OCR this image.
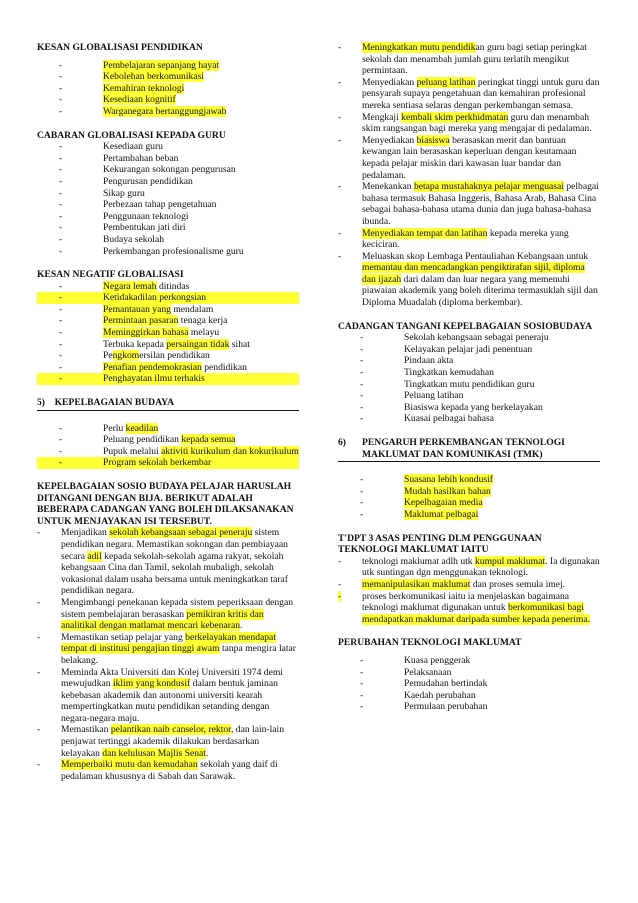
KESAN GLOBALISASI PENDIDIKAN
-	Pembelajaran sepanjang hayat
-	Kebolehan berkomunikasi
-	Kemahiran teknologi
-	Kesediaan kognitif
-	Warganegara bertanggungjawab
CABARAN GLOBALISASI KEPADA GURU
-	Kesediaan guru
-	Pertambahan beban
-	Kekurangan sokongan pengurusan
-	Pengurusan pendidikan
-	Sikap guru
-	Perbezaan tahap pengetahuan
-	Penggunaan teknologi
-	Pembentukan jati diri
-	Budaya sekolah
-	Perkembangan profesionalisme guru
KESAN NEGATIF GLOBALISASI
-	Negara lemah ditindas
-	Ketidakadilan perkongsian
-	Pemantauan yang mendalam
-	Permintaan pasaran tenaga kerja
-	Meminggirkan bahasa melayu
-	Terbuka kepada persaingan tidak sihat
-	Pengkomersilan pendidikan
-	Penafian pendemokrasian pendidikan
-	Penghayatan ilmu terhakis
5) KEPELBAGAIAN BUDAYA
-	Perlu keadilan
-	Peluang pendidikan kepada semua
-	Pupuk melalui aktiviti kurikulum dan kokurikulum
-	Program sekolah berkembar
KEPELBAGAIAN SOSIO BUDAYA PELAJAR HARUSLAH DITANGANI DENGAN BIJA. BERIKUT ADALAH BEBERAPA CADANGAN YANG BOLEH DILAKSANAKAN UNTUK MENJAYAKAN ISI TERSEBUT.
-	Menjadikan sekolah kebangsaan sebagai peneraju sistem pendidikan negara. Memastikan sokongan dan pembiayaan secara adil kepada sekolah-sekolah agama rakyat, sekolah kebangsaan Cina dan Tamil, sekolah mubaligh, sekolah vokasional dalam usaha bersama untuk meningkatkan taraf pendidikan negara.
-	Mengimbangi penekanan kepada sistem peperiksaan dengan sistem pembelajaran berasaskan pemikiran kritis dan analitikal dengan matlamat mencari kebenaran.
-	Memastikan setiap pelajar yang berkelayakan mendapat tempat di institusi pengajian tinggi awam tanpa mengira latar belakang.
-	Meminda Akta Universiti dan Kolej Universiti 1974 demi mewujudkan iklim yang kondusif dalam bentuk jaminan kebebasan akademik dan autonomi universiti kearah mempertingkatkan mutu pendidikan setanding dengan negara-negara maju.
-	Memastikan pelantikan naib canselor, rektor, dan lain-lain penjawat tertinggi akademik dilakukan berdasarkan kelayakan dan kelulusan Majlis Senat.
-	Memperbaiki mutu dan kemudahan sekolah yang daif di pedalaman khususnya di Sabah dan Sarawak.
-	Meningkatkan mutu pendidikan guru bagi setiap peringkat sekolah dan menambah jumlah guru terlatih mengikut permintaan.
-	Menyediakan peluang latihan peringkat tinggi untuk guru dan pensyarah supaya pengetahuan dan kemahiran profesional mereka sentiasa selaras dengan perkembangan semasa.
-	Mengkaji kembali skim perkhidmatan guru dan menambah skim rangsangan bagi mereka yang mengajar di pedalaman.
-	Menyediakan biasiswa berasaskan merit dan bantuan kewangan lain berasaskan keperluan dengan keutamaan kepada pelajar miskin dari kawasan luar bandar dan pedalaman.
-	Menekankan betapa mustahaknya pelajar menguasai pelbagai bahasa termasuk Bahasa Inggeris, Bahasa Arab, Bahasa Cina sebagai bahasa-bahasa utama dunia dan juga bahasa-bahasa ibunda.
-	Menyediakan tempat dan latihan kepada mereka yang keciciran.
-	Meluaskan skop Lembaga Pentauliahan Kebangsaan untuk memantau dan mencadangkan pengiktirafan sijil, diploma dan ijazah dari dalam dan luar negara yang memenuhi piawaian akademik yang boleh diterima termasuklah sijil dan Diploma Muadalah (diploma berkembar).
CADANGAN TANGANI KEPELBAGAIAN SOSIOBUDAYA
-	Sekolah kebangsaan sebagai peneraju
-	Kelayakan pelajar jadi penentuan
-	Pindaan akta
-	Tingkatkan kemudahan
-	Tingkatkan mutu pendidikan guru
-	Peluang latihan
-	Biasiswa kepada yang berkelayakan
-	Kuasai pelbagai bahasa
6)	PENGARUH PERKEMBANGAN TEKNOLOGI MAKLUMAT DAN KOMUNIKASI (TMK)
-	Suasana lebih kondusif
-	Mudah hasilkan bahan
-	Kepelbagaian media
-	Maklumat pelbagai
T'DPT 3 ASAS PENTING DLM PENGGUNAAN TEKNOLOGI MAKLUMAT IAITU
-	teknologi maklumat adlh utk kumpul maklumat. Ia digunakan utk suntingan dgn menggunakan teknologi.
-	memanipulasikan maklumat dan proses semula imej.
-	proses berkomunikasi iaitu ia menjelaskan bagaimana teknologi maklumat digunakan untuk berkomunikasi bagi mendapatkan maklumat daripada sumber kepada penerima.
PERUBAHAN TEKNOLOGI MAKLUMAT
-	Kuasa penggerak
-	Pelaksanaan
-	Pemudahan bertindak
-	Kaedah perubahan
-	Permulaan perubahan
